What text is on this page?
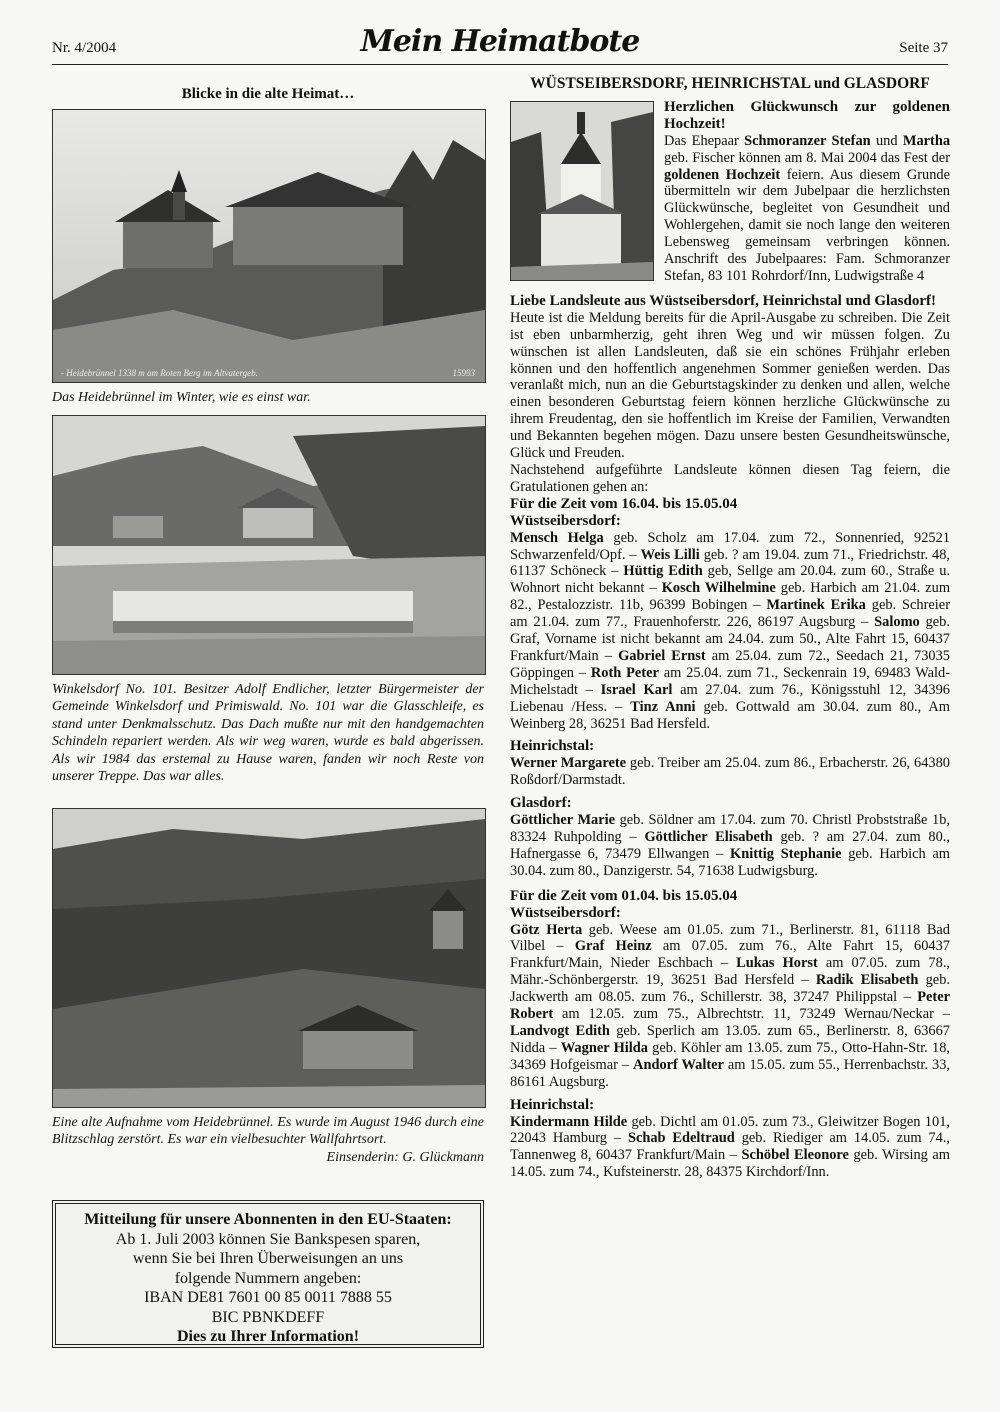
Nr. 4/2004	Mein Heimatbote	Seite 37
Blicke in die alte Heimat…
- Heidebrünnel 1338 m am Roten Berg im Altvatergeb.	15993
Das Heidebrünnel im Winter, wie es einst war.
Winkelsdorf No. 101. Besitzer Adolf Endlicher, letzter Bürgermeister der Gemeinde Winkelsdorf und Primiswald. No. 101 war die Glasschleife, es stand unter Denkmalsschutz. Das Dach mußte nur mit den handgemachten Schindeln repariert werden. Als wir weg waren, wurde es bald abgerissen. Als wir 1984 das erstemal zu Hause waren, fanden wir noch Reste von unserer Treppe. Das war alles.
Eine alte Aufnahme vom Heidebrünnel. Es wurde im August 1946 durch eine Blitzschlag zerstört. Es war ein vielbesuchter Wallfahrtsort.
Einsenderin: G. Glückmann
Mitteilung für unsere Abonnenten in den EU-Staaten:
Ab 1. Juli 2003 können Sie Bankspesen sparen,
wenn Sie bei Ihren Überweisungen an uns
folgende Nummern angeben:
IBAN DE81 7601 00 85 0011 7888 55
BIC PBNKDEFF
Dies zu Ihrer Information!
WÜSTSEIBERSDORF, HEINRICHSTAL und GLASDORF
Herzlichen Glückwunsch zur goldenen Hochzeit!

Das Ehepaar Schmoranzer Stefan und Martha geb. Fischer können am 8. Mai 2004 das Fest der goldenen Hochzeit feiern. Aus diesem Grunde übermitteln wir dem Jubelpaar die herzlichsten Glückwünsche, begleitet von Gesundheit und Wohlergehen, damit sie noch lange den weiteren Lebensweg gemeinsam verbringen können. Anschrift des Jubelpaares: Fam. Schmoranzer Stefan, 83 101 Rohrdorf/Inn, Ludwigstraße 4

Liebe Landsleute aus Wüstseibersdorf, Heinrichstal und Glasdorf!

Heute ist die Meldung bereits für die April-Ausgabe zu schreiben. Die Zeit ist eben unbarmherzig, geht ihren Weg und wir müssen folgen. Zu wünschen ist allen Landsleuten, daß sie ein schönes Frühjahr erleben können und den hoffentlich angenehmen Sommer genießen werden. Das veranlaßt mich, nun an die Geburtstagskinder zu denken und allen, welche einen besonderen Geburtstag feiern können herzliche Glückwünsche zu ihrem Freudentag, den sie hoffentlich im Kreise der Familien, Verwandten und Bekannten begehen mögen. Dazu unsere besten Gesundheitswünsche, Glück und Freuden.

Nachstehend aufgeführte Landsleute können diesen Tag feiern, die Gratulationen gehen an:

Für die Zeit vom 16.04. bis 15.05.04
Wüstseibersdorf:

Mensch Helga geb. Scholz am 17.04. zum 72., Sonnenried, 92521 Schwarzenfeld/Opf. – Weis Lilli geb. ? am 19.04. zum 71., Friedrichstr. 48, 61137 Schöneck – Hüttig Edith geb, Sellge am 20.04. zum 60., Straße u. Wohnort nicht bekannt – Kosch Wilhelmine geb. Harbich am 21.04. zum 82., Pestalozzistr. 11b, 96399 Bobingen – Martinek Erika geb. Schreier am 21.04. zum 77., Frauenhoferstr. 226, 86197 Augsburg – Salomo geb. Graf, Vorname ist nicht bekannt am 24.04. zum 50., Alte Fahrt 15, 60437 Frankfurt/Main – Gabriel Ernst am 25.04. zum 72., Seedach 21, 73035 Göppingen – Roth Peter am 25.04. zum 71., Seckenrain 19, 69483 Wald-Michelstadt – Israel Karl am 27.04. zum 76., Königsstuhl 12, 34396 Liebenau /Hess. – Tinz Anni geb. Gottwald am 30.04. zum 80., Am Weinberg 28, 36251 Bad Hersfeld.

Heinrichstal:

Werner Margarete geb. Treiber am 25.04. zum 86., Erbacherstr. 26, 64380 Roßdorf/Darmstadt.

Glasdorf:

Göttlicher Marie geb. Söldner am 17.04. zum 70. Christl Probststraße 1b, 83324 Ruhpolding – Göttlicher Elisabeth geb. ? am 27.04. zum 80., Hafnergasse 6, 73479 Ellwangen – Knittig Stephanie geb. Harbich am 30.04. zum 80., Danzigerstr. 54, 71638 Ludwigsburg.

Für die Zeit vom 01.04. bis 15.05.04
Wüstseibersdorf:

Götz Herta geb. Weese am 01.05. zum 71., Berlinerstr. 81, 61118 Bad Vilbel – Graf Heinz am 07.05. zum 76., Alte Fahrt 15, 60437 Frankfurt/Main, Nieder Eschbach – Lukas Horst am 07.05. zum 78., Mähr.-Schönbergerstr. 19, 36251 Bad Hersfeld – Radik Elisabeth geb. Jackwerth am 08.05. zum 76., Schillerstr. 38, 37247 Philippstal – Peter Robert am 12.05. zum 75., Albrechtstr. 11, 73249 Wernau/Neckar – Landvogt Edith geb. Sperlich am 13.05. zum 65., Berlinerstr. 8, 63667 Nidda – Wagner Hilda geb. Köhler am 13.05. zum 75., Otto-Hahn-Str. 18, 34369 Hofgeismar – Andorf Walter am 15.05. zum 55., Herrenbachstr. 33, 86161 Augsburg.

Heinrichstal:

Kindermann Hilde geb. Dichtl am 01.05. zum 73., Gleiwitzer Bogen 101, 22043 Hamburg – Schab Edeltraud geb. Riediger am 14.05. zum 74., Tannenweg 8, 60437 Frankfurt/Main – Schöbel Eleonore geb. Wirsing am 14.05. zum 74., Kufsteinerstr. 28, 84375 Kirchdorf/Inn.
